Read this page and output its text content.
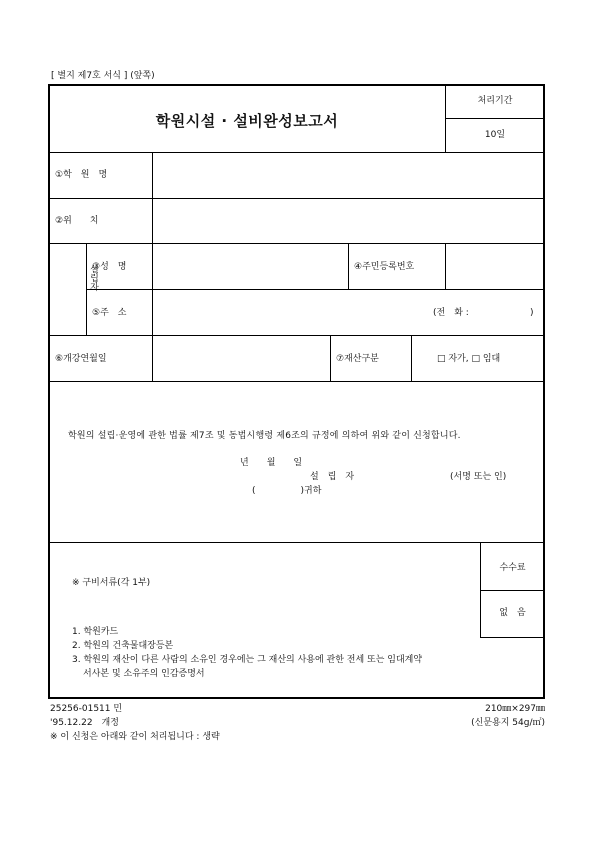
[ 별지 제7호 서식 ] (앞쪽)
학원시설 · 설비완성보고서
처리기간
10일
①학　원　명
②위　　치
설립자
③성　명	④주민등록번호
⑤주　소	(전　화 :	)
⑥개강연월일	⑦재산구분	□ 자가, □ 임대
학원의 설립·운영에 관한 법률 제7조 및 동법시행령 제6조의 규정에 의하여 위와 같이 신청합니다.
년　　월　　일
설　립　자	(서명 또는 인)
(　　　　　)귀하
※ 구비서류(각 1부)
1. 학원카드
2. 학원의 건축물대장등본
3. 학원의 재산이 다른 사람의 소유인 경우에는 그 재산의 사용에 관한 전세 또는 임대계약
서사본 및 소유주의 인감증명서
수수료
없　음
25256-01511 민
'95.12.22　개정
210㎜×297㎜
(신문용지 54g/㎡)
※ 이 신청은 아래와 같이 처리됩니다 : 생략
